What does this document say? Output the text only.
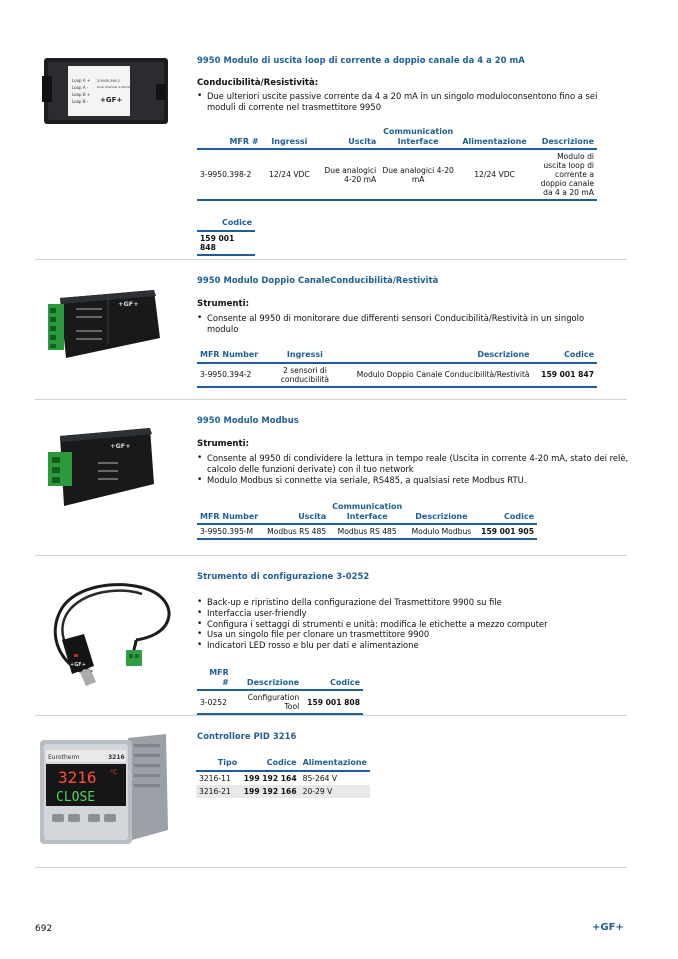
Loop A +
Loop A -
Loop B +
Loop B -
3-9950.398-2
Dual Channel 4-20mA
+GF+
9950 Modulo di uscita loop di corrente a doppio canale da 4 a 20 mA
Conducibilità/Resistività:
• Due ulteriori uscite passive corrente da 4 a 20 mA in un singolo moduloconsentono fino a sei moduli di corrente nel trasmettitore 9950
MFR #	Ingressi	Uscita	Communication Interface	Alimentazione	Descrizione
3-9950.398-2	12/24 VDC	Due analogici 4-20 mA	Due analogici 4-20 mA	12/24 VDC	Modulo di uscita loop di corrente a doppio canale da 4 a 20 mA
Codice
159 001 848
+GF+
9950 Modulo Doppio CanaleConducibilità/Restività
Strumenti:
• Consente al 9950 di monitorare due differenti sensori Conducibilità/Restività in un singolo modulo
MFR Number	Ingressi	Descrizione	Codice
3-9950.394-2	2 sensori di conducibilità	Modulo Doppio Canale Conducibilità/Restività	159 001 847
+GF+
9950 Modulo Modbus
Strumenti:
• Consente al 9950 di condividere la lettura in tempo reale (Uscita in corrente 4-20 mA, stato dei relè, calcolo delle funzioni derivate) con il tuo network
• Modulo Modbus si connette via seriale, RS485, a qualsiasi rete Modbus RTU.
MFR Number	Uscita	Communication Interface	Descrizione	Codice
3-9950.395-M	Modbus RS 485	Modbus RS 485	Modulo Modbus	159 001 905
+GF+
Strumento di configurazione 3-0252
• Back-up e ripristino della configurazione del Trasmettitore 9900 su file
• Interfaccia user-friendly
• Configura i settaggi di strumenti e unità: modifica le etichette a mezzo computer
• Usa un singolo file per clonare un trasmettitore 9900
• Indicatori LED rosso e blu per dati e alimentazione
MFR #	Descrizione	Codice
3-0252	Configuration Tool	159 001 808
Eurotherm	3216
3216 °C
CLOSE
Controllore PID 3216
Tipo	Codice	Alimentazione
3216-11	199 192 164	85-264 V
3216-21	199 192 166	20-29 V
692	+GF+
